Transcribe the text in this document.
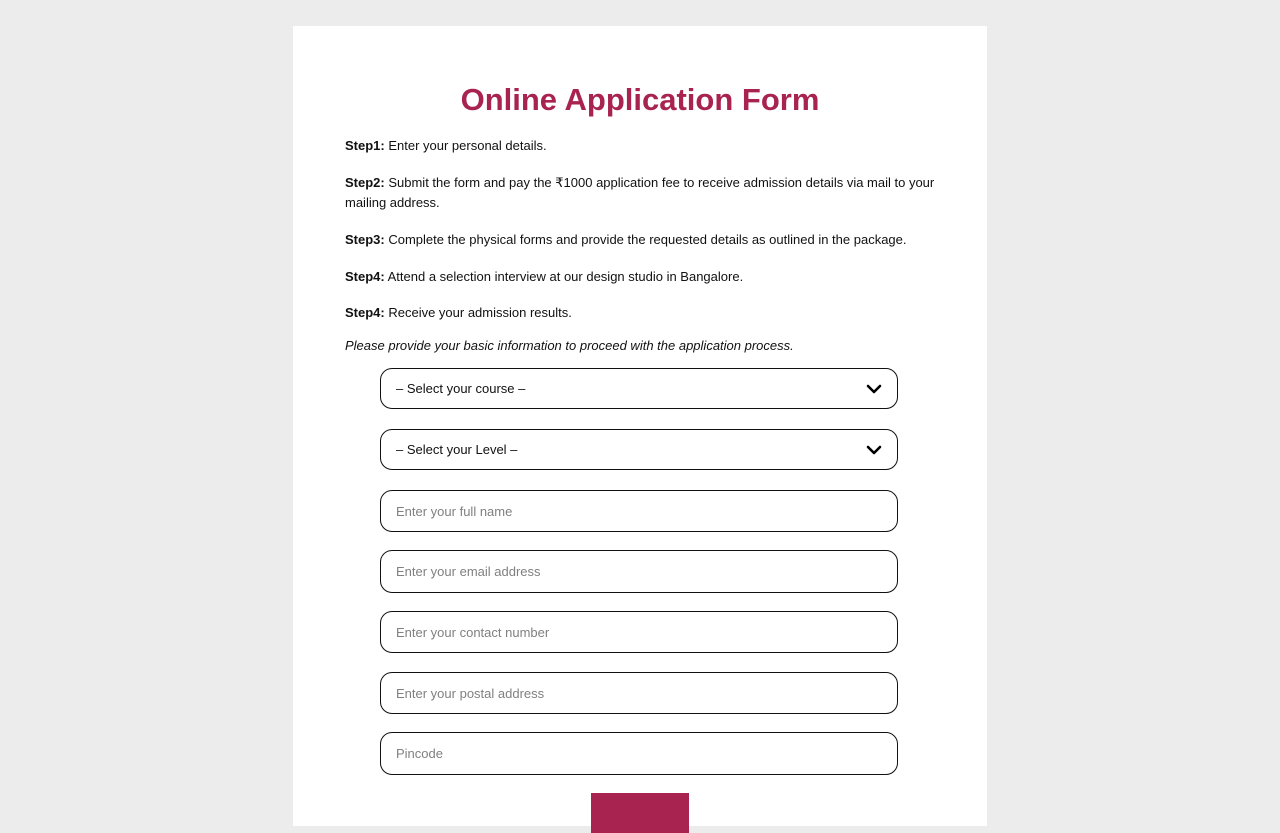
Online Application Form

Step1: Enter your personal details.

Step2: Submit the form and pay the ₹1000 application fee to receive admission details via mail to your mailing address.

Step3: Complete the physical forms and provide the requested details as outlined in the package.

Step4: Attend a selection interview at our design studio in Bangalore.

Step4: Receive your admission results.

Please provide your basic information to proceed with the application process.
– Select your course –
– Select your Level –
Enter your full name
Enter your email address
Enter your contact number
Enter your postal address
Pincode
